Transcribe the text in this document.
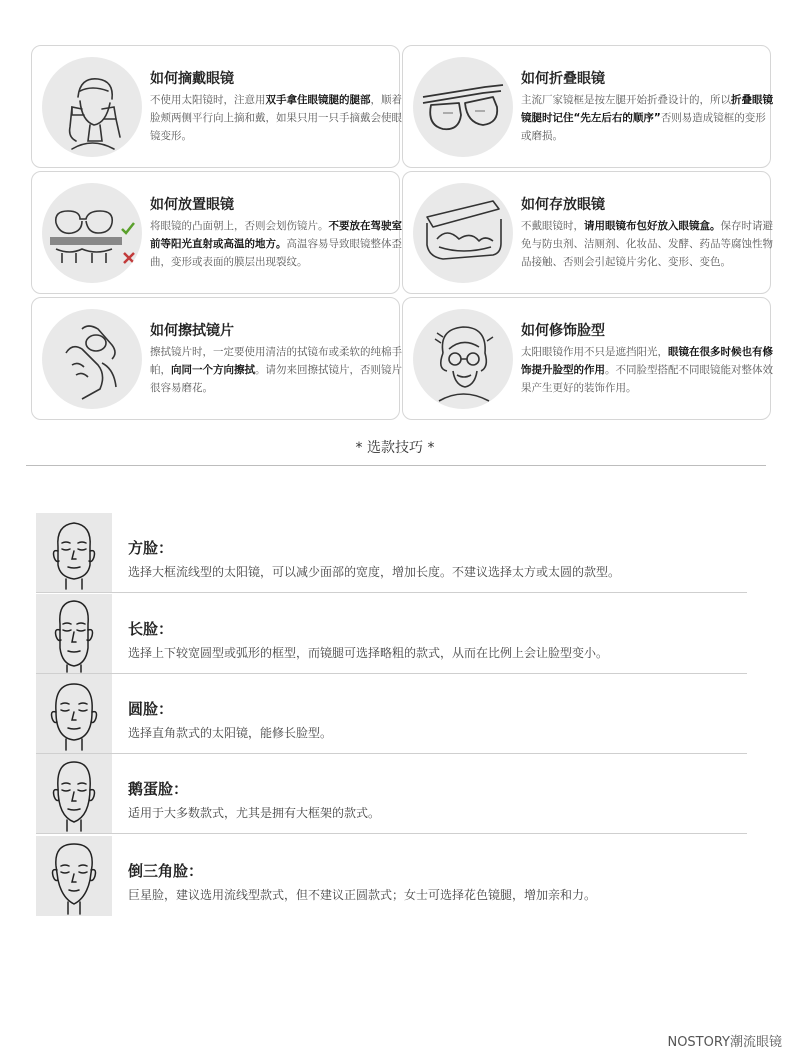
如何摘戴眼镜
不使用太阳镜时，注意用双手拿住眼镜腿的腿部，顺着脸颊两侧平行向上摘和戴，如果只用一只手摘戴会使眼镜变形。
如何折叠眼镜
主流厂家镜框是按左腿开始折叠设计的，所以折叠眼镜镜腿时记住“先左后右的顺序”否则易造成镜框的变形或磨损。
如何放置眼镜
将眼镜的凸面朝上，否则会划伤镜片。不要放在驾驶室前等阳光直射或高温的地方。高温容易导致眼镜整体歪曲，变形或表面的膜层出现裂纹。
如何存放眼镜
不戴眼镜时，请用眼镜布包好放入眼镜盒。保存时请避免与防虫剂、洁厕剂、化妆品、发酵、药品等腐蚀性物品接触、否则会引起镜片劣化、变形、变色。
如何擦拭镜片
擦拭镜片时，一定要使用清洁的拭镜布或柔软的纯棉手帕，向同一个方向擦拭。请勿来回擦拭镜片，否则镜片很容易磨花。
如何修饰脸型
太阳眼镜作用不只是遮挡阳光，眼镜在很多时候也有修饰提升脸型的作用。不同脸型搭配不同眼镜能对整体效果产生更好的装饰作用。
* 选款技巧 *
方脸：
选择大框流线型的太阳镜，可以减少面部的宽度，增加长度。不建议选择太方或太圆的款型。
长脸：
选择上下较宽圆型或弧形的框型，而镜腿可选择略粗的款式，从而在比例上会让脸型变小。
圆脸：
选择直角款式的太阳镜，能修长脸型。
鹅蛋脸：
适用于大多数款式，尤其是拥有大框架的款式。
倒三角脸：
巨星脸，建议选用流线型款式，但不建议正圆款式；女士可选择花色镜腿，增加亲和力。
NOSTORY潮流眼镜
